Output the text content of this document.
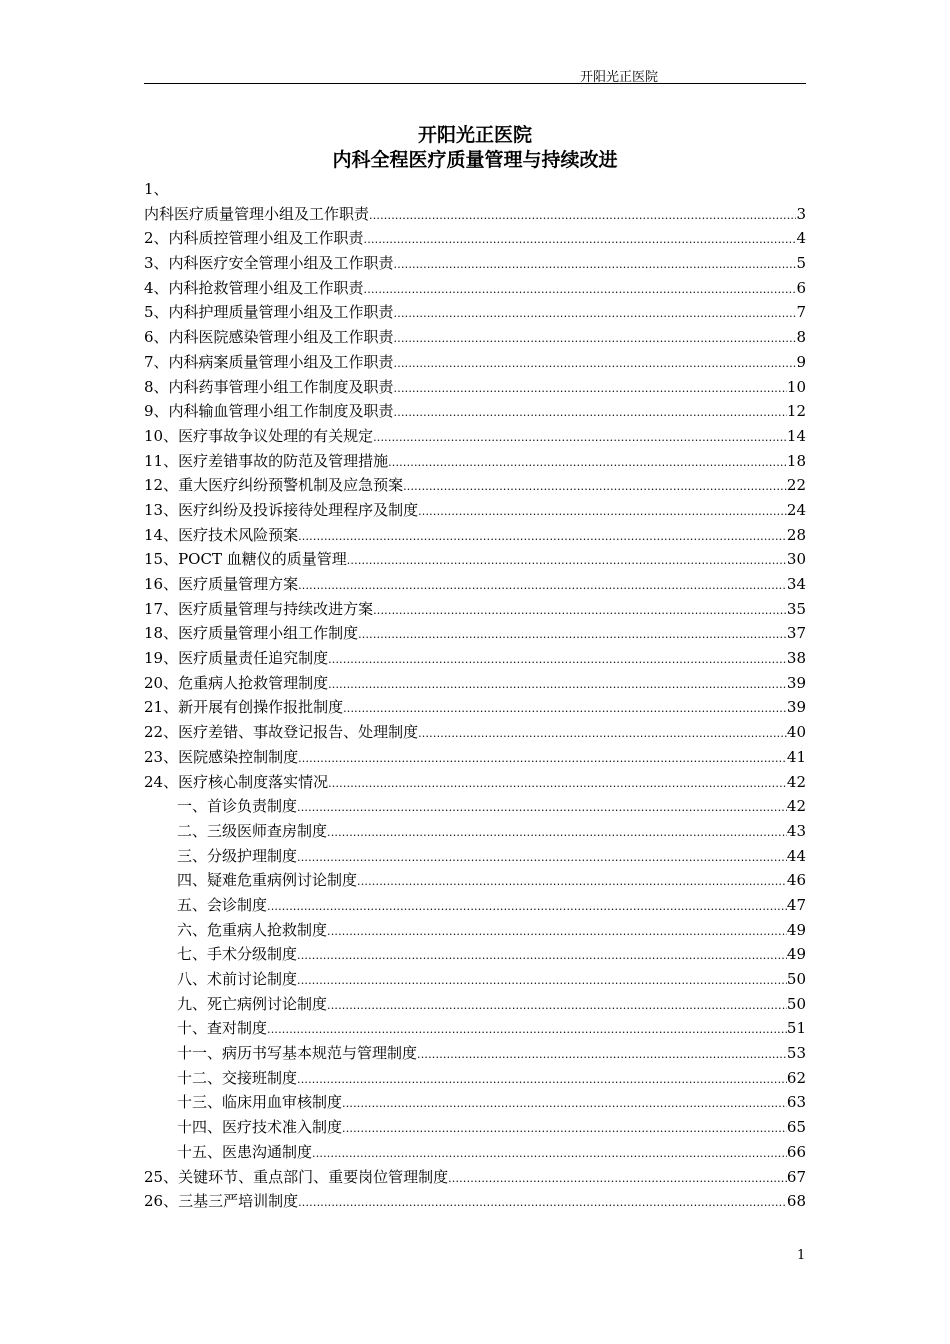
开阳光正医院
开阳光正医院
内科全程医疗质量管理与持续改进
1、
内科医疗质量管理小组及工作职责 .....	3
2、内科质控管理小组及工作职责 .....	4
3、内科医疗安全管理小组及工作职责 .....	5
4、内科抢救管理小组及工作职责 .....	6
5、内科护理质量管理小组及工作职责 .....	7
6、内科医院感染管理小组及工作职责 .....	8
7、内科病案质量管理小组及工作职责 .....	9
8、内科药事管理小组工作制度及职责 .....	10
9、内科输血管理小组工作制度及职责 .....	12
10、医疗事故争议处理的有关规定 .....	14
11、医疗差错事故的防范及管理措施 .....	18
12、重大医疗纠纷预警机制及应急预案 .....	22
13、医疗纠纷及投诉接待处理程序及制度 .....	24
14、医疗技术风险预案 .....	28
15、POCT 血糖仪的质量管理 .....	30
16、医疗质量管理方案 .....	34
17、医疗质量管理与持续改进方案 .....	35
18、医疗质量管理小组工作制度 .....	37
19、医疗质量责任追究制度 .....	38
20、危重病人抢救管理制度 .....	39
21、新开展有创操作报批制度 .....	39
22、医疗差错、事故登记报告、处理制度 .....	40
23、医院感染控制制度 .....	41
24、医疗核心制度落实情况 .....	42
一、首诊负责制度 .....	42
二、三级医师查房制度 .....	43
三、分级护理制度 .....	44
四、疑难危重病例讨论制度 .....	46
五、会诊制度 .....	47
六、危重病人抢救制度 .....	49
七、手术分级制度 .....	49
八、术前讨论制度 .....	50
九、死亡病例讨论制度 .....	50
十、查对制度 .....	51
十一、病历书写基本规范与管理制度 .....	53
十二、交接班制度 .....	62
十三、临床用血审核制度 .....	63
十四、医疗技术准入制度 .....	65
十五、医患沟通制度 .....	66
25、关键环节、重点部门、重要岗位管理制度 .....	67
26、三基三严培训制度 .....	68
1
